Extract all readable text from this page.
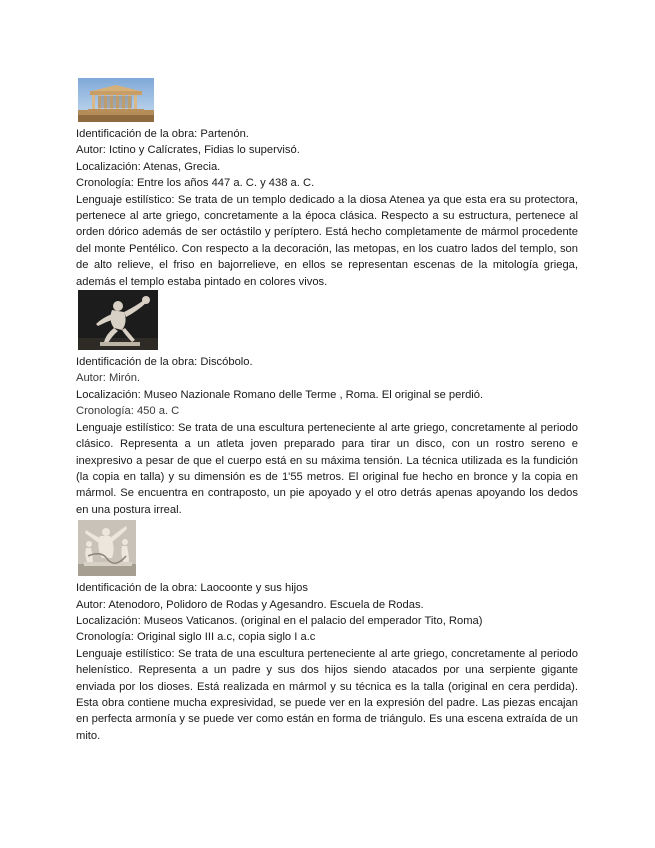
Identificación de la obra: Partenón.

Autor: Ictino y Calícrates, Fidias lo supervisó.

Localización: Atenas, Grecia.

Cronología: Entre los años 447 a. C. y 438 a. C.

Lenguaje estilístico: Se trata de un templo dedicado a la diosa Atenea ya que esta era su protectora, pertenece al arte griego, concretamente a la época clásica. Respecto a su estructura, pertenece al orden dórico además de ser octástilo y períptero. Está hecho completamente de mármol procedente del monte Pentélico. Con respecto a la decoración, las metopas, en los cuatro lados del templo, son de alto relieve, el friso en bajorrelieve, en ellos se representan escenas de la mitología griega, además el templo estaba pintado en colores vivos.

Identificación de la obra: Discóbolo.

Autor: Mirón.

Localización: Museo Nazionale Romano delle Terme , Roma. El original se perdió.

Cronología: 450 a. C

Lenguaje estilístico: Se trata de una escultura perteneciente al arte griego, concretamente al periodo clásico. Representa a un atleta joven preparado para tirar un disco, con un rostro sereno e inexpresivo a pesar de que el cuerpo está en su máxima tensión. La técnica utilizada es la fundición (la copia en talla) y su dimensión es de 1'55 metros. El original fue hecho en bronce y la copia en mármol. Se encuentra en contraposto, un pie apoyado y el otro detrás apenas apoyando los dedos en una postura irreal.

Identificación de la obra: Laocoonte y sus hijos

Autor: Atenodoro, Polidoro de Rodas y Agesandro. Escuela de Rodas.

Localización: Museos Vaticanos. (original en el palacio del emperador Tito, Roma)

Cronología: Original siglo III a.c, copia siglo I a.c

Lenguaje estilístico: Se trata de una escultura perteneciente al arte griego, concretamente al periodo helenístico. Representa a un padre y sus dos hijos siendo atacados por una serpiente gigante enviada por los dioses. Está realizada en mármol y su técnica es la talla (original en cera perdida). Esta obra contiene mucha expresividad, se puede ver en la expresión del padre. Las piezas encajan en perfecta armonía y se puede ver como están en forma de triángulo. Es una escena extraída de un mito.
